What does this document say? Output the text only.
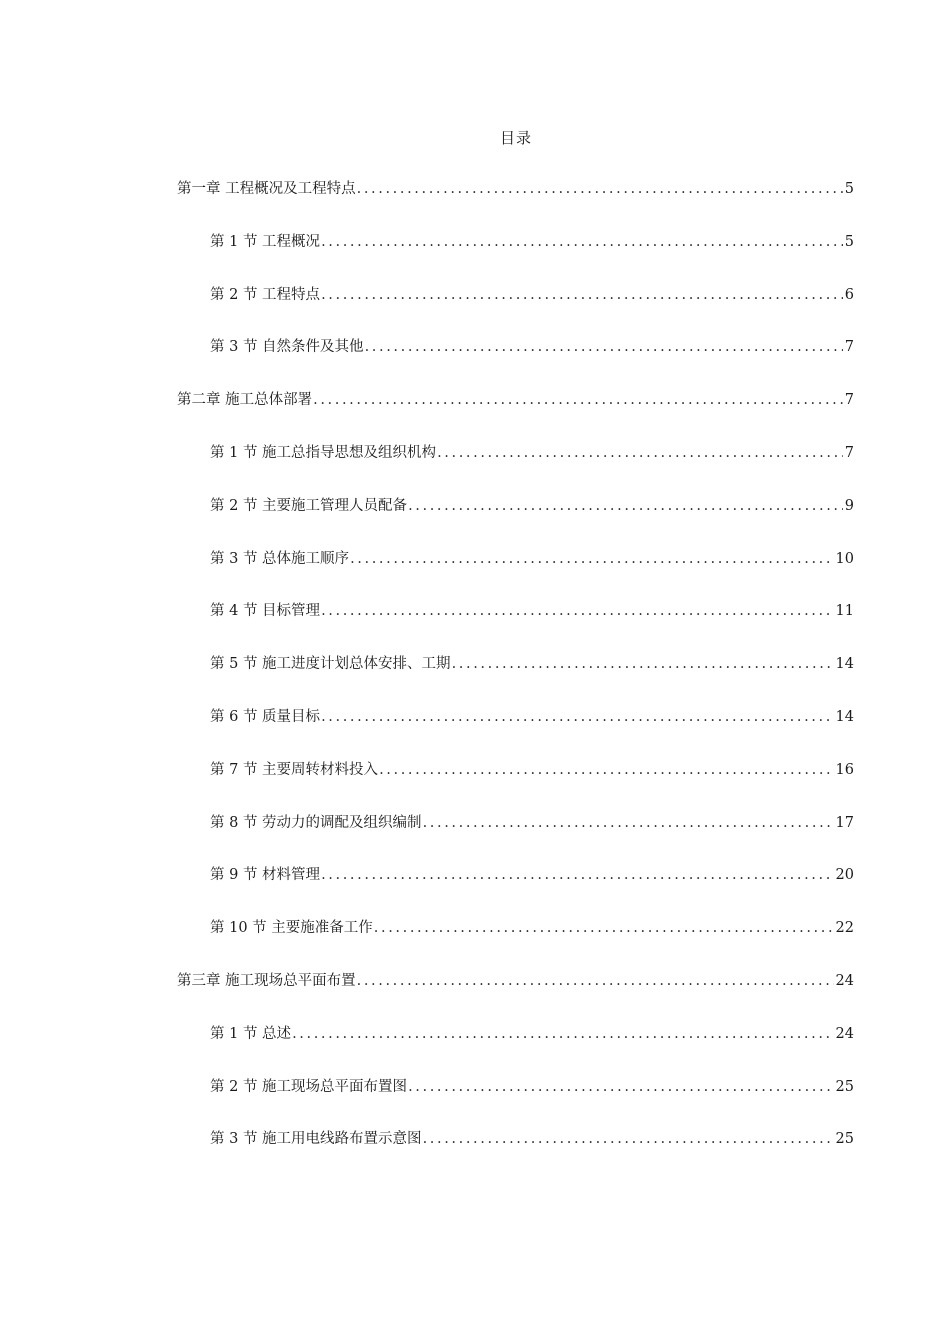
目录
第一章 工程概况及工程特点 .....	5
第 1 节 工程概况 .....	5
第 2 节 工程特点 .....	6
第 3 节 自然条件及其他 .....	7
第二章 施工总体部署 .....	7
第 1 节 施工总指导思想及组织机构 .....	7
第 2 节 主要施工管理人员配备 .....	9
第 3 节 总体施工顺序 .....	10
第 4 节 目标管理 .....	11
第 5 节 施工进度计划总体安排、工期 .....	14
第 6 节 质量目标 .....	14
第 7 节 主要周转材料投入 .....	16
第 8 节 劳动力的调配及组织编制 .....	17
第 9 节 材料管理 .....	20
第 10 节 主要施准备工作 .....	22
第三章 施工现场总平面布置 .....	24
第 1 节 总述 .....	24
第 2 节 施工现场总平面布置图 .....	25
第 3 节 施工用电线路布置示意图 .....	25
